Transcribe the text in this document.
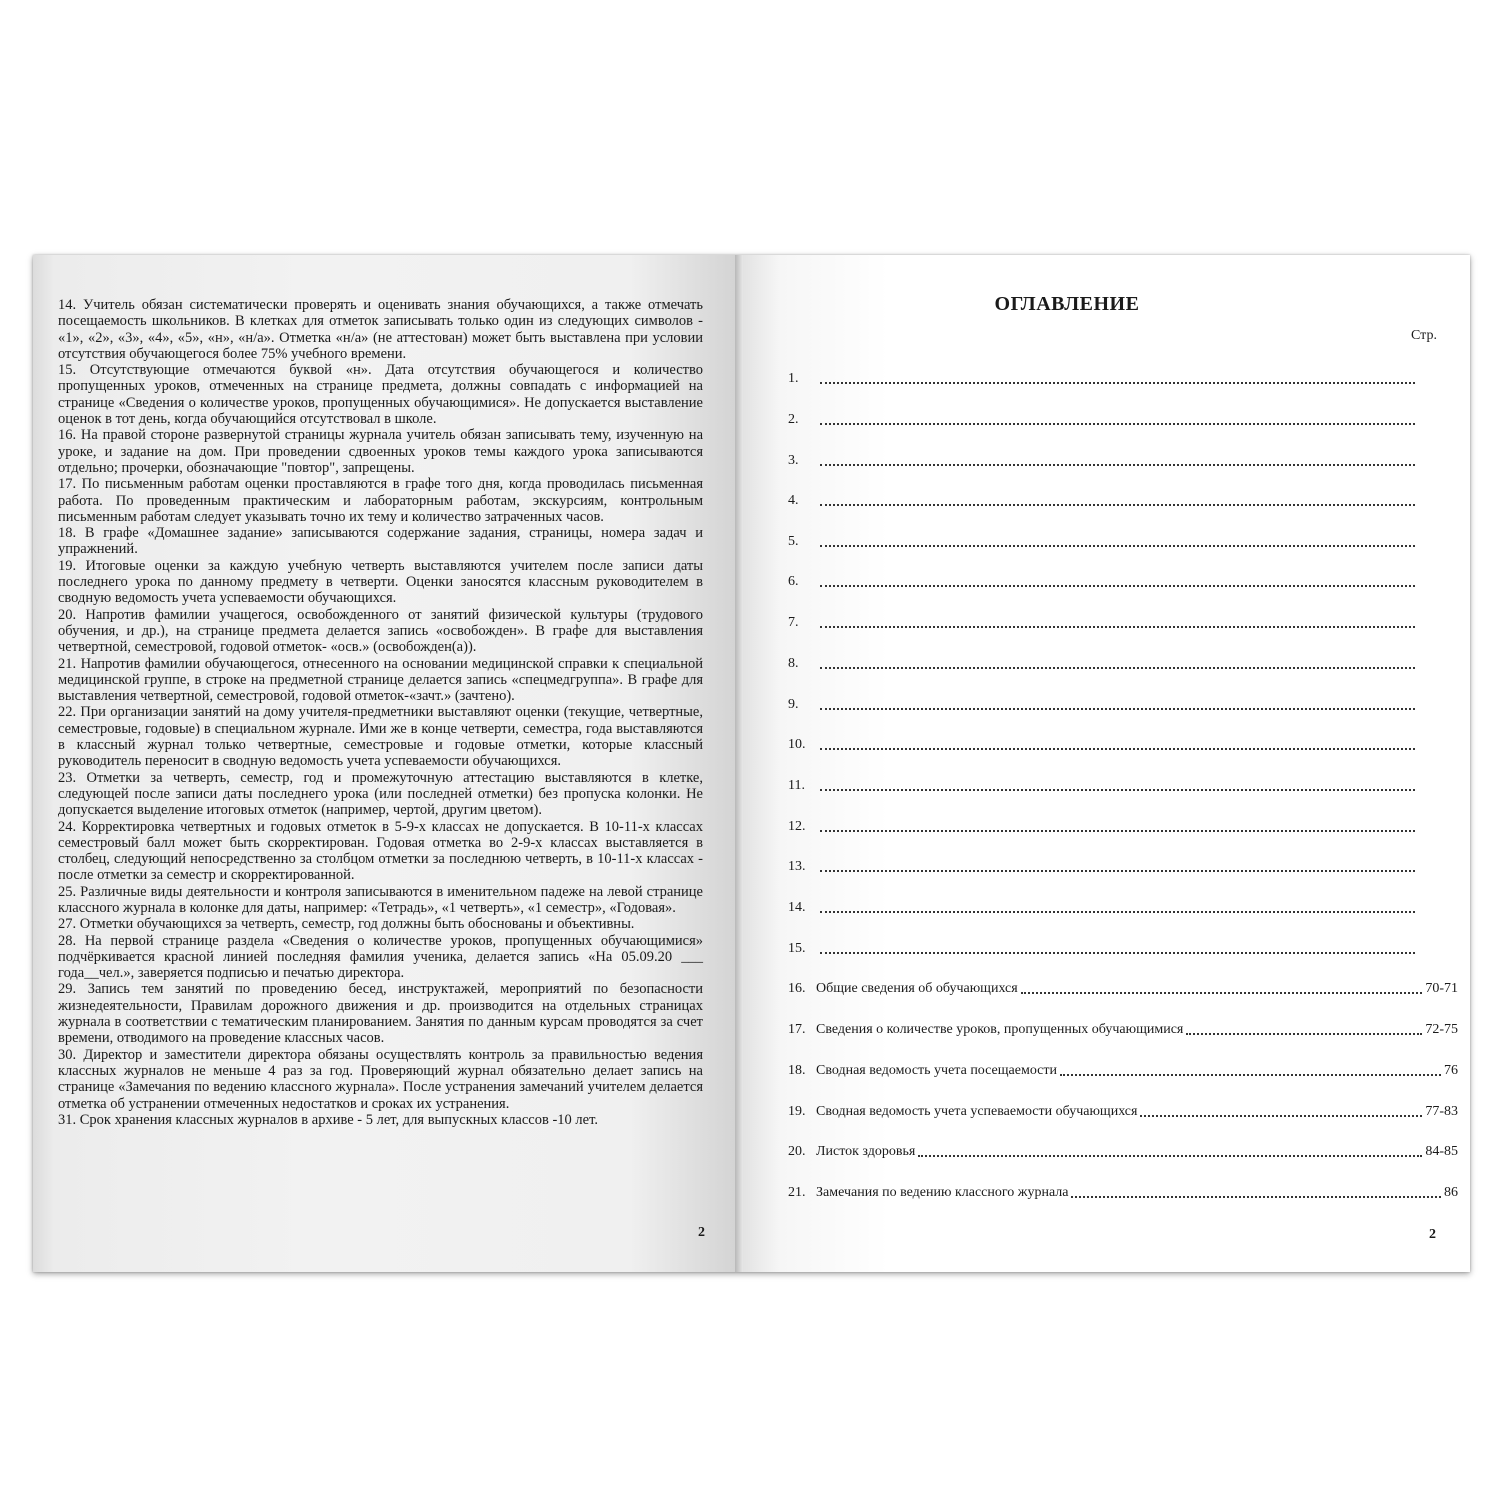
14. Учитель обязан систематически проверять и оценивать знания обучающихся, а также отмечать посещаемость школьников. В клетках для отметок записывать только один из следующих символов - «1», «2», «3», «4», «5», «н», «н/а». Отметка «н/а» (не аттестован) может быть выставлена при условии отсутствия обучающегося более 75% учебного времени.

15. Отсутствующие отмечаются буквой «н». Дата отсутствия обучающегося и количество пропущенных уроков, отмеченных на странице предмета, должны совпадать с информацией на странице «Сведения о количестве уроков, пропущенных обучающимися». Не допускается выставление оценок в тот день, когда обучающийся отсутствовал в школе.

16. На правой стороне развернутой страницы журнала учитель обязан записывать тему, изученную на уроке, и задание на дом. При проведении сдвоенных уроков темы каждого урока записываются отдельно; прочерки, обозначающие "повтор", запрещены.

17. По письменным работам оценки проставляются в графе того дня, когда проводилась письменная работа. По проведенным практическим и лабораторным работам, экскурсиям, контрольным письменным работам следует указывать точно их тему и количество затраченных часов.

18. В графе «Домашнее задание» записываются содержание задания, страницы, номера задач и упражнений.

19. Итоговые оценки за каждую учебную четверть выставляются учителем после записи даты последнего урока по данному предмету в четверти. Оценки заносятся классным руководителем в сводную ведомость учета успеваемости обучающихся.

20. Напротив фамилии учащегося, освобожденного от занятий физической культуры (трудового обучения, и др.), на странице предмета делается запись «освобожден». В графе для выставления четвертной, семестровой, годовой отметок- «осв.» (освобожден(а)).

21. Напротив фамилии обучающегося, отнесенного на основании медицинской справки к специальной медицинской группе, в строке на предметной странице делается запись «спецмедгруппа». В графе для выставления четвертной, семестровой, годовой отметок-«зачт.» (зачтено).

22. При организации занятий на дому учителя-предметники выставляют оценки (текущие, четвертные, семестровые, годовые) в специальном журнале. Ими же в конце четверти, семестра, года выставляются в классный журнал только четвертные, семестровые и годовые отметки, которые классный руководитель переносит в сводную ведомость учета успеваемости обучающихся.

23. Отметки за четверть, семестр, год и промежуточную аттестацию выставляются в клетке, следующей после записи даты последнего урока (или последней отметки) без пропуска колонки. Не допускается выделение итоговых отметок (например, чертой, другим цветом).

24. Корректировка четвертных и годовых отметок в 5-9-х классах не допускается. В 10-11-х классах семестровый балл может быть скорректирован. Годовая отметка во 2-9-х классах выставляется в столбец, следующий непосредственно за столбцом отметки за последнюю четверть, в 10-11-х классах - после отметки за семестр и скорректированной.

25. Различные виды деятельности и контроля записываются в именительном падеже на левой странице классного журнала в колонке для даты, например: «Тетрадь», «1 четверть», «1 семестр», «Годовая».

27. Отметки обучающихся за четверть, семестр, год должны быть обоснованы и объективны.

28. На первой странице раздела «Сведения о количестве уроков, пропущенных обучающимися» подчёркивается красной линией последняя фамилия ученика, делается запись «На 05.09.20 ___ года__чел.», заверяется подписью и печатью директора.

29. Запись тем занятий по проведению бесед, инструктажей, мероприятий по безопасности жизнедеятельности, Правилам дорожного движения и др. производится на отдельных страницах журнала в соответствии с тематическим планированием. Занятия по данным курсам проводятся за счет времени, отводимого на проведение классных часов.

30. Директор и заместители директора обязаны осуществлять контроль за правильностью ведения классных журналов не меньше 4 раз за год. Проверяющий журнал обязательно делает запись на странице «Замечания по ведению классного журнала». После устранения замечаний учителем делается отметка об устранении отмеченных недостатков и сроках их устранения.

31. Срок хранения классных журналов в архиве - 5 лет, для выпускных классов -10 лет.

2
ОГЛАВЛЕНИЕ
Стр.
1.
2.
3.
4.
5.
6.
7.
8.
9.
10.
11.
12.
13.
14.
15.
16. Общие сведения об обучающихся	70-71
17. Сведения о количестве уроков, пропущенных обучающимися	72-75
18. Сводная ведомость учета посещаемости	76
19. Сводная ведомость учета успеваемости обучающихся	77-83
20. Листок здоровья	84-85
21. Замечания по ведению классного журнала	86
2
